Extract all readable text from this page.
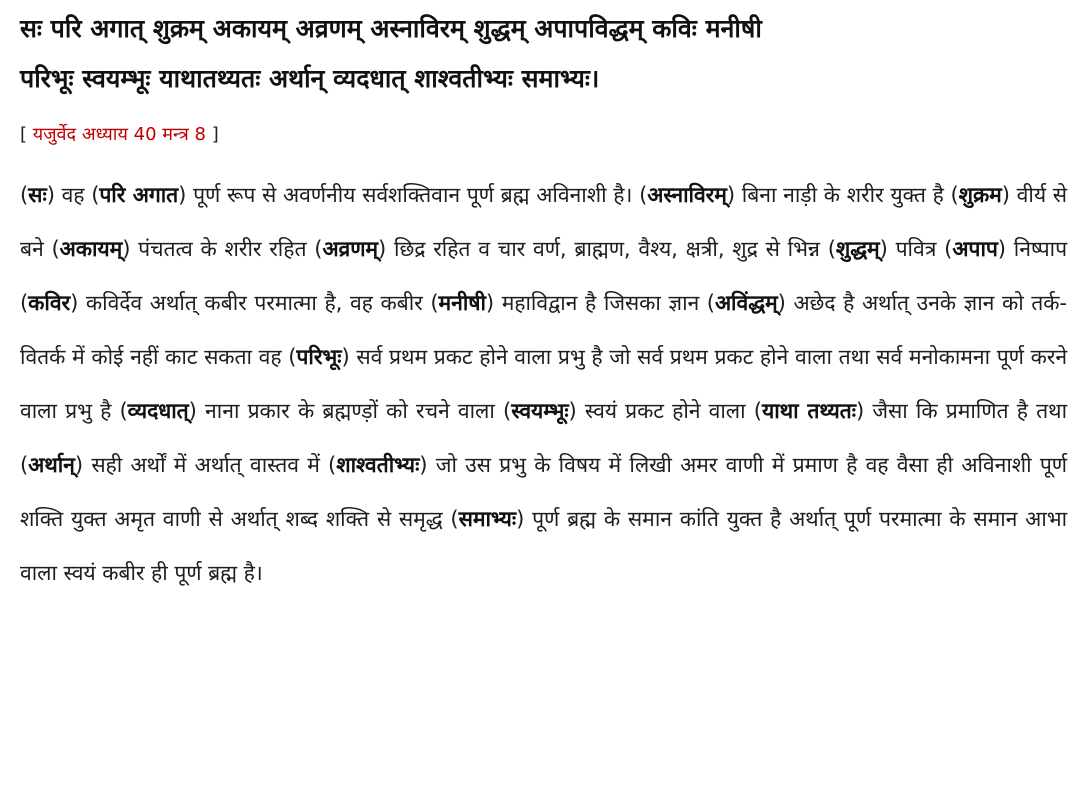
सः परि अगात् शुक्रम् अकायम् अव्रणम् अस्नाविरम् शुद्धम् अपापविद्धम् कविः मनीषी
परिभूः स्वयम्भूः याथातथ्यतः अर्थान् व्यदधात् शाश्वतीभ्यः समाभ्यः।

[ यजुर्वेद अध्याय 40 मन्त्र 8 ]

(सः) वह (परि अगात) पूर्ण रूप से अवर्णनीय सर्वशक्तिवान पूर्ण ब्रह्म अविनाशी है। (अस्नाविरम्) बिना नाड़ी के शरीर युक्त है (शुक्रम) वीर्य से बने (अकायम्) पंचतत्व के शरीर रहित (अव्रणम्) छिद्र रहित व चार वर्ण, ब्राह्मण, वैश्य, क्षत्री, शुद्र से भिन्न (शुद्धम्) पवित्र (अपाप) निष्पाप (कविर) कविर्देव अर्थात् कबीर परमात्मा है, वह कबीर (मनीषी) महाविद्वान है जिसका ज्ञान (अविंद्धम्) अछेद है अर्थात् उनके ज्ञान को तर्क-वितर्क में कोई नहीं काट सकता वह (परिभूः) सर्व प्रथम प्रकट होने वाला प्रभु है जो सर्व प्रथम प्रकट होने वाला तथा सर्व मनोकामना पूर्ण करने वाला प्रभु है (व्यदधात्) नाना प्रकार के ब्रह्मण्ड़ों को रचने वाला (स्वयम्भूः) स्वयं प्रकट होने वाला (याथा तथ्यतः) जैसा कि प्रमाणित है तथा (अर्थान्) सही अर्थों में अर्थात् वास्तव में (शाश्वतीभ्यः) जो उस प्रभु के विषय में लिखी अमर वाणी में प्रमाण है वह वैसा ही अविनाशी पूर्ण शक्ति युक्त अमृत वाणी से अर्थात् शब्द शक्ति से समृद्ध (समाभ्यः) पूर्ण ब्रह्म के समान कांति युक्त है अर्थात् पूर्ण परमात्मा के समान आभा वाला स्वयं कबीर ही पूर्ण ब्रह्म है।
